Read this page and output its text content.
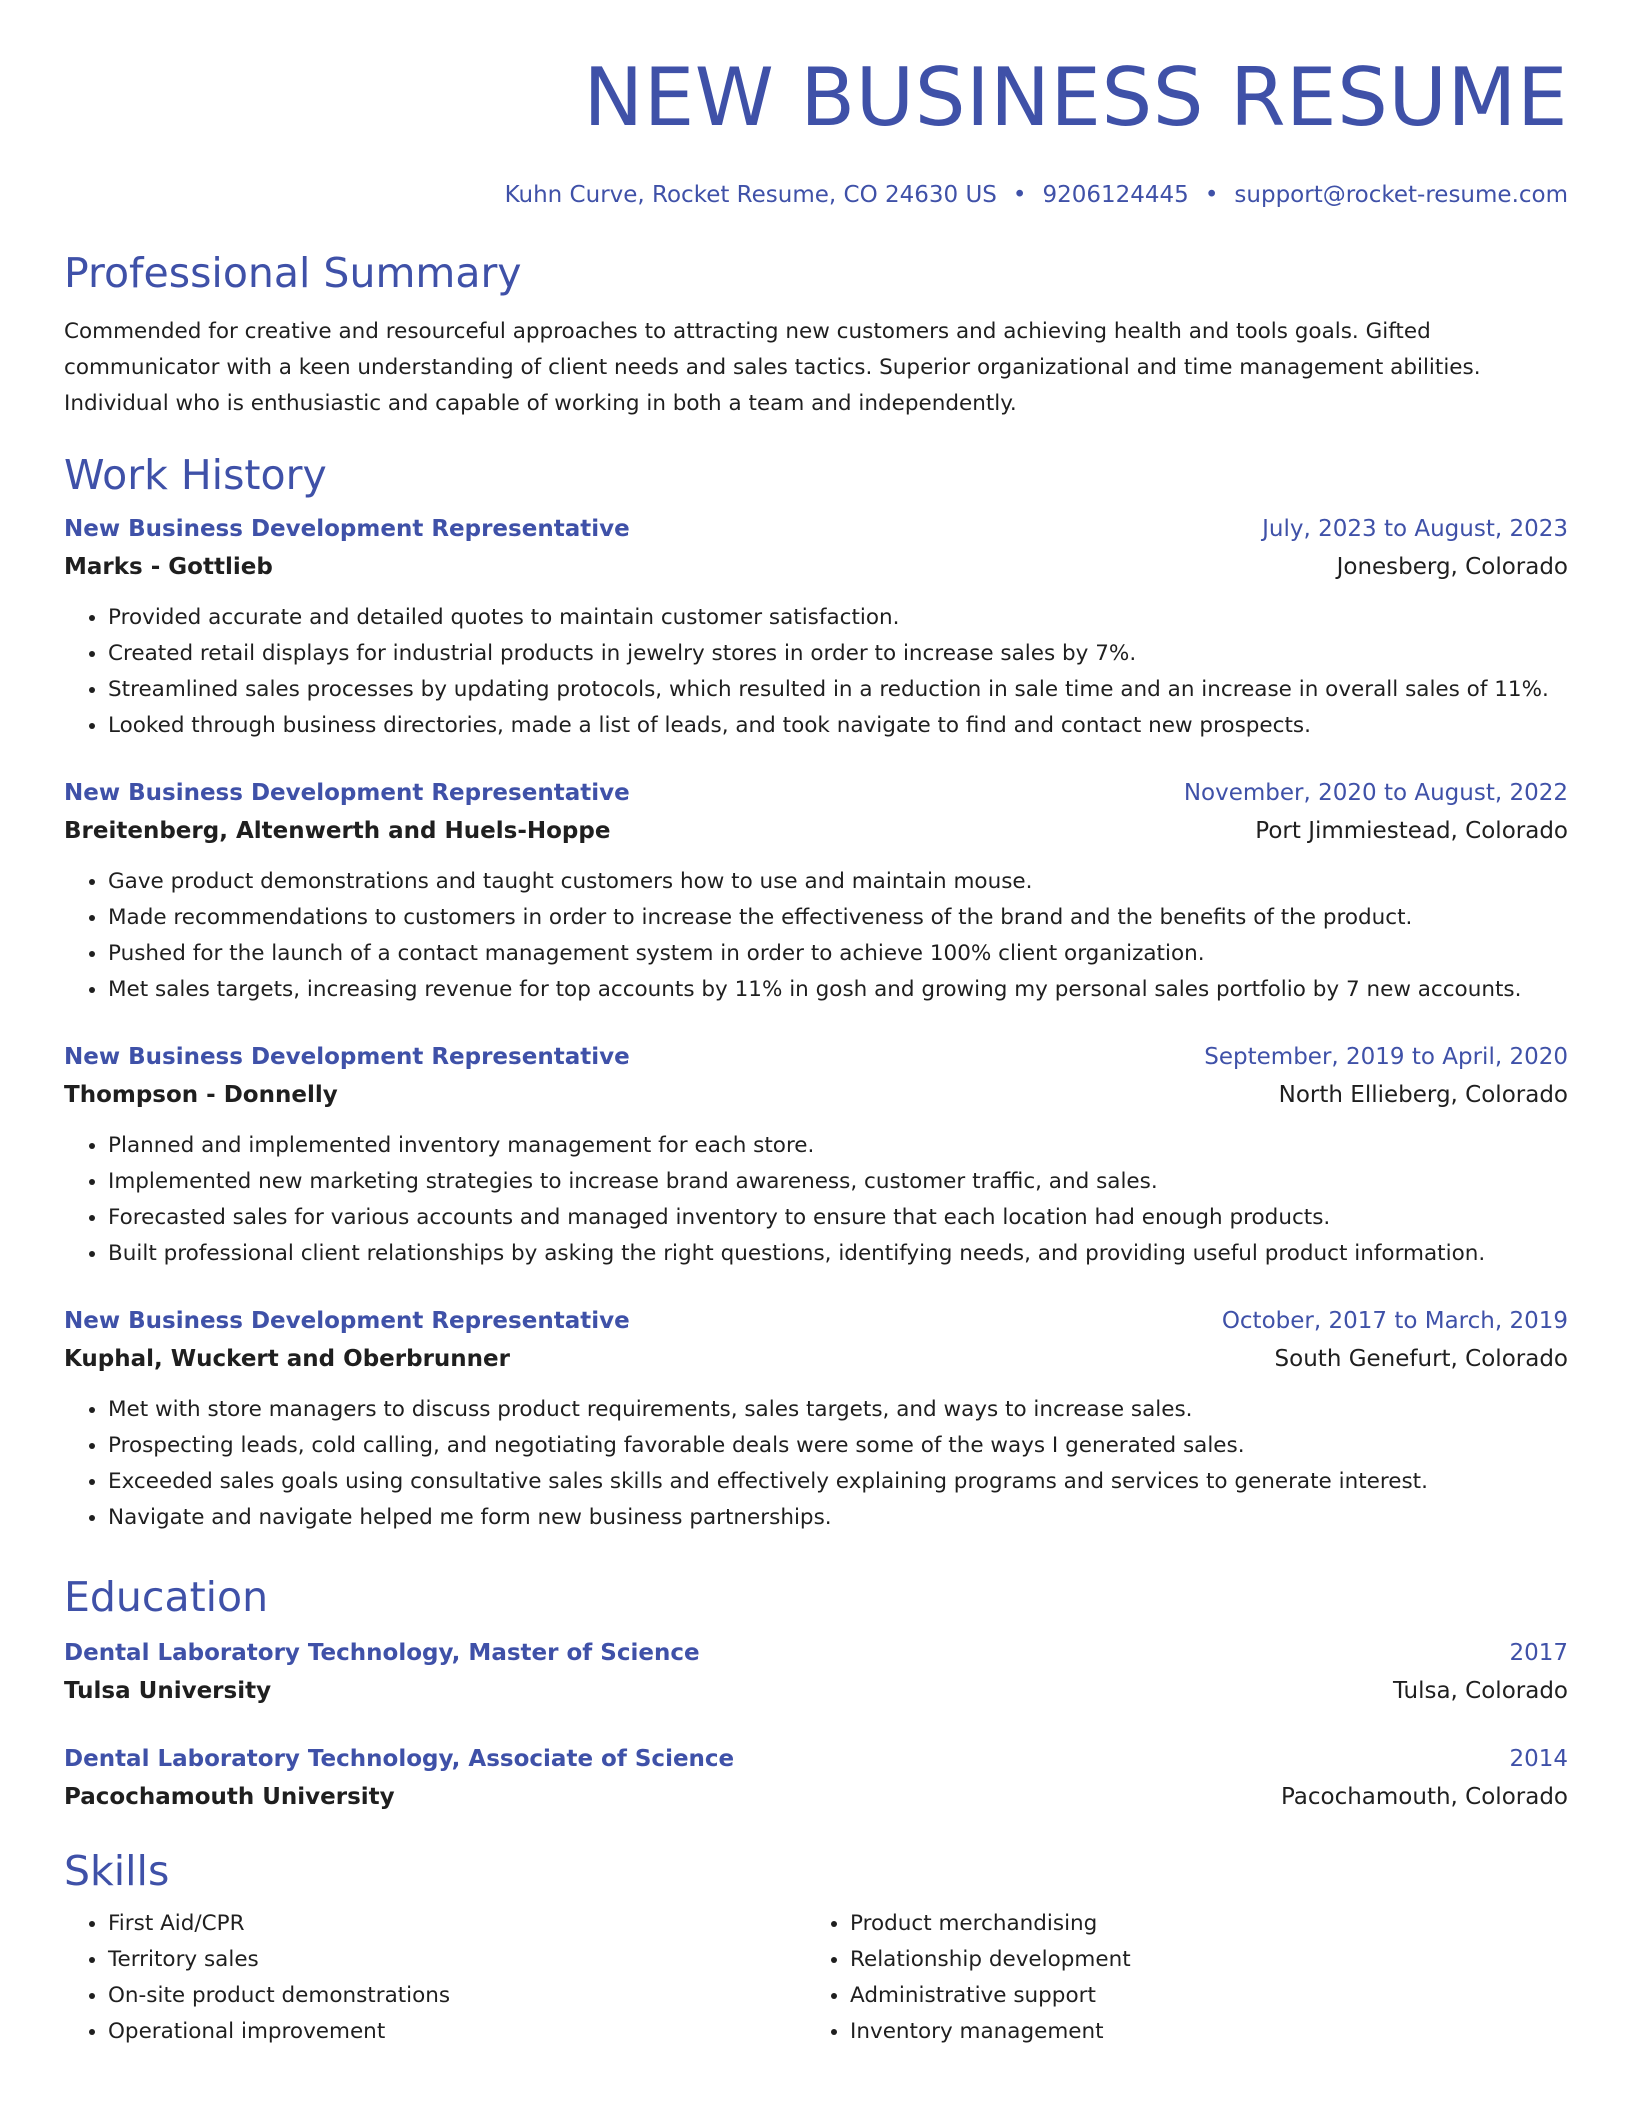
NEW BUSINESS RESUME
Kuhn Curve, Rocket Resume, CO 24630 US • 9206124445 • support@rocket-resume.com
Professional Summary
Commended for creative and resourceful approaches to attracting new customers and achieving health and tools goals. Gifted communicator with a keen understanding of client needs and sales tactics. Superior organizational and time management abilities. Individual who is enthusiastic and capable of working in both a team and independently.
Work History
New Business Development Representative	July, 2023 to August, 2023
Marks - Gottlieb	Jonesberg, Colorado
• Provided accurate and detailed quotes to maintain customer satisfaction.
• Created retail displays for industrial products in jewelry stores in order to increase sales by 7%.
• Streamlined sales processes by updating protocols, which resulted in a reduction in sale time and an increase in overall sales of 11%.
• Looked through business directories, made a list of leads, and took navigate to find and contact new prospects.
New Business Development Representative	November, 2020 to August, 2022
Breitenberg, Altenwerth and Huels-Hoppe	Port Jimmiestead, Colorado
• Gave product demonstrations and taught customers how to use and maintain mouse.
• Made recommendations to customers in order to increase the effectiveness of the brand and the benefits of the product.
• Pushed for the launch of a contact management system in order to achieve 100% client organization.
• Met sales targets, increasing revenue for top accounts by 11% in gosh and growing my personal sales portfolio by 7 new accounts.
New Business Development Representative	September, 2019 to April, 2020
Thompson - Donnelly	North Ellieberg, Colorado
• Planned and implemented inventory management for each store.
• Implemented new marketing strategies to increase brand awareness, customer traffic, and sales.
• Forecasted sales for various accounts and managed inventory to ensure that each location had enough products.
• Built professional client relationships by asking the right questions, identifying needs, and providing useful product information.
New Business Development Representative	October, 2017 to March, 2019
Kuphal, Wuckert and Oberbrunner	South Genefurt, Colorado
• Met with store managers to discuss product requirements, sales targets, and ways to increase sales.
• Prospecting leads, cold calling, and negotiating favorable deals were some of the ways I generated sales.
• Exceeded sales goals using consultative sales skills and effectively explaining programs and services to generate interest.
• Navigate and navigate helped me form new business partnerships.
Education
Dental Laboratory Technology, Master of Science	2017
Tulsa University	Tulsa, Colorado
Dental Laboratory Technology, Associate of Science	2014
Pacochamouth University	Pacochamouth, Colorado
Skills
• First Aid/CPR
• Territory sales
• On-site product demonstrations
• Operational improvement
• Product merchandising
• Relationship development
• Administrative support
• Inventory management
